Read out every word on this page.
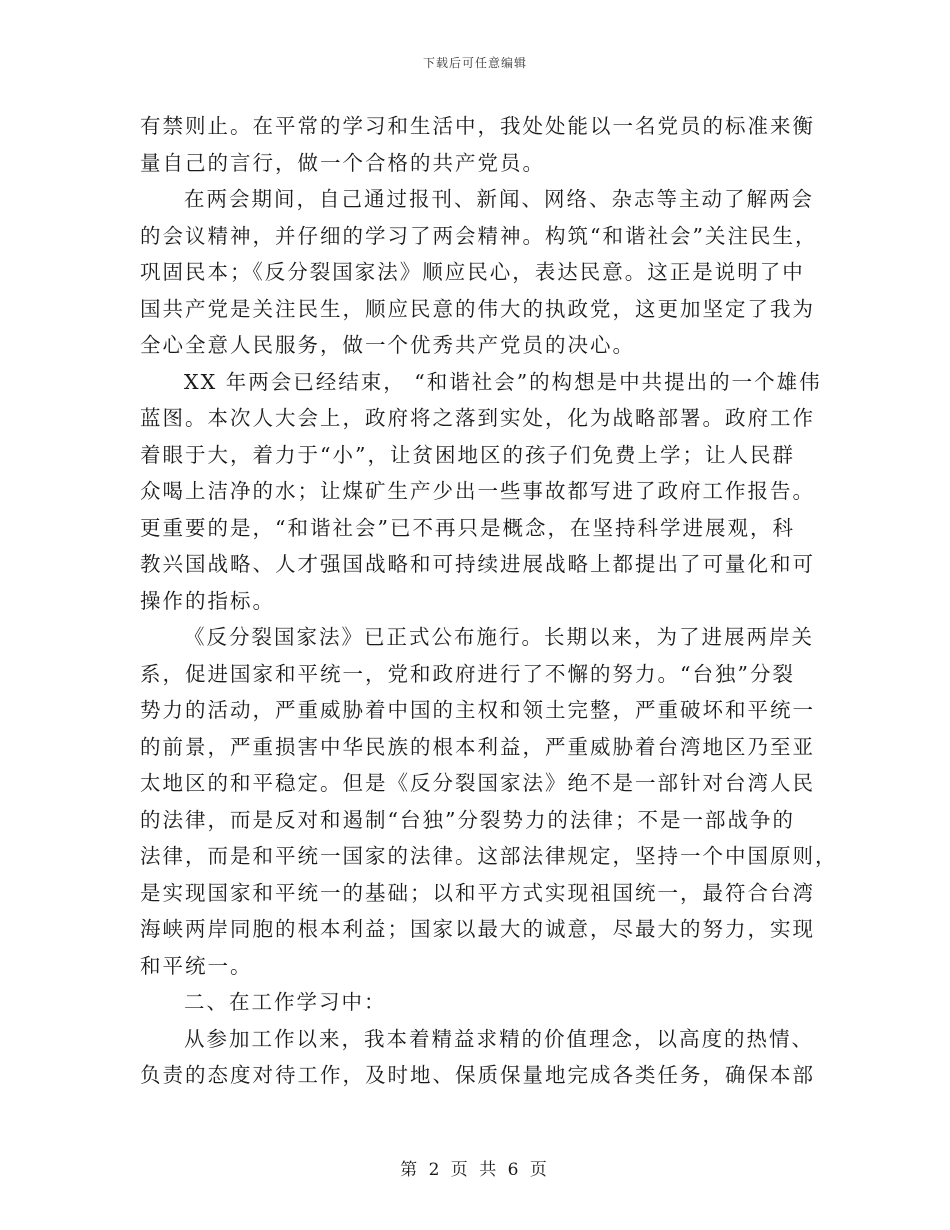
下载后可任意编辑
有禁则止。在平常的学习和生活中，我处处能以一名党员的标准来衡
量自己的言行，做一个合格的共产党员。
在两会期间，自己通过报刊、新闻、网络、杂志等主动了解两会
的会议精神，并仔细的学习了两会精神。构筑“和谐社会”关注民生，
巩固民本；《反分裂国家法》顺应民心，表达民意。这正是说明了中
国共产党是关注民生，顺应民意的伟大的执政党，这更加坚定了我为
全心全意人民服务，做一个优秀共产党员的决心。
XX 年两会已经结束， “和谐社会”的构想是中共提出的一个雄伟
蓝图。本次人大会上，政府将之落到实处，化为战略部署。政府工作
着眼于大，着力于“小”，让贫困地区的孩子们免费上学；让人民群
众喝上洁净的水；让煤矿生产少出一些事故都写进了政府工作报告。
更重要的是，“和谐社会”已不再只是概念，在坚持科学进展观，科
教兴国战略、人才强国战略和可持续进展战略上都提出了可量化和可
操作的指标。
《反分裂国家法》已正式公布施行。长期以来，为了进展两岸关
系，促进国家和平统一，党和政府进行了不懈的努力。“台独”分裂
势力的活动，严重威胁着中国的主权和领土完整，严重破坏和平统一
的前景，严重损害中华民族的根本利益，严重威胁着台湾地区乃至亚
太地区的和平稳定。但是《反分裂国家法》绝不是一部针对台湾人民
的法律，而是反对和遏制“台独”分裂势力的法律；不是一部战争的
法律，而是和平统一国家的法律。这部法律规定，坚持一个中国原则，
是实现国家和平统一的基础；以和平方式实现祖国统一，最符合台湾
海峡两岸同胞的根本利益；国家以最大的诚意，尽最大的努力，实现
和平统一。
二、在工作学习中：
从参加工作以来，我本着精益求精的价值理念，以高度的热情、
负责的态度对待工作，及时地、保质保量地完成各类任务，确保本部
第 2 页 共 6 页
